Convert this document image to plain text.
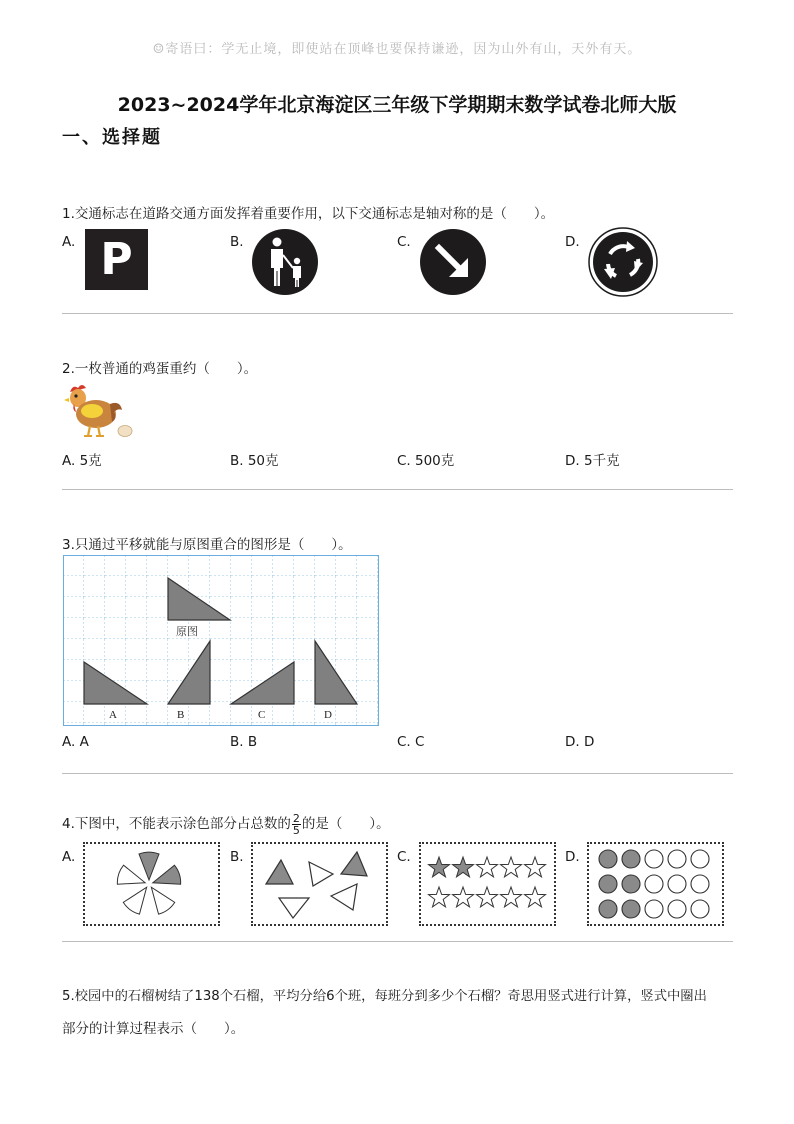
☺寄语曰：学无止境，即使站在顶峰也要保持谦逊，因为山外有山，天外有天。
2023~2024学年北京海淀区三年级下学期期末数学试卷北师大版
一、选择题
1.交通标志在道路交通方面发挥着重要作用，以下交通标志是轴对称的是（　　）。
A. P	B.	C.	D.
2.一枚普通的鸡蛋重约（　　）。
A. 5克	B. 50克	C. 500克	D. 5千克
3.只通过平移就能与原图重合的图形是（　　）。
原图
A	B	C	D
A. A	B. B	C. C	D. D
4.下图中，不能表示涂色部分占总数的 $\frac{2}{5}$ 的是（　　）。
A.	B.	C.	D.
5.校园中的石榴树结了138个石榴，平均分给6个班，每班分到多少个石榴？奇思用竖式进行计算，竖式中圈出
部分的计算过程表示（　　）。
